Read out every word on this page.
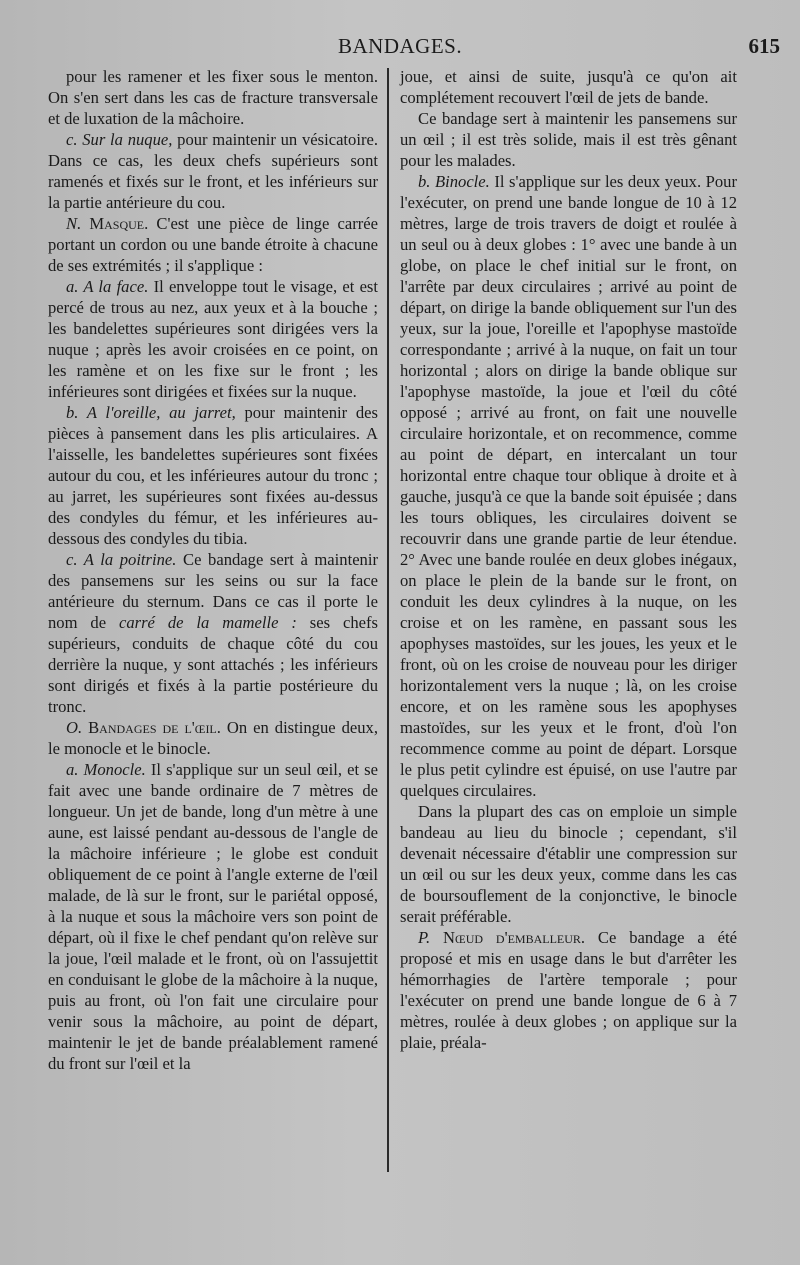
BANDAGES.	615

pour les ramener et les fixer sous le menton. On s'en sert dans les cas de fracture transversale et de luxation de la mâchoire.

c. Sur la nuque, pour maintenir un vésicatoire. Dans ce cas, les deux chefs supérieurs sont ramenés et fixés sur le front, et les inférieurs sur la partie antérieure du cou.

N. Masque. C'est une pièce de linge carrée portant un cordon ou une bande étroite à chacune de ses extrémités ; il s'applique :

a. A la face. Il enveloppe tout le visage, et est percé de trous au nez, aux yeux et à la bouche ; les bandelettes supérieures sont dirigées vers la nuque ; après les avoir croisées en ce point, on les ramène et on les fixe sur le front ; les inférieures sont dirigées et fixées sur la nuque.

b. A l'oreille, au jarret, pour maintenir des pièces à pansement dans les plis articulaires. A l'aisselle, les bandelettes supérieures sont fixées autour du cou, et les inférieures autour du tronc ; au jarret, les supérieures sont fixées au-dessus des condyles du fémur, et les inférieures au-dessous des condyles du tibia.

c. A la poitrine. Ce bandage sert à maintenir des pansemens sur les seins ou sur la face antérieure du sternum. Dans ce cas il porte le nom de carré de la mamelle : ses chefs supérieurs, conduits de chaque côté du cou derrière la nuque, y sont attachés ; les inférieurs sont dirigés et fixés à la partie postérieure du tronc.

O. Bandages de l'œil. On en distingue deux, le monocle et le binocle.

a. Monocle. Il s'applique sur un seul œil, et se fait avec une bande ordinaire de 7 mètres de longueur. Un jet de bande, long d'un mètre à une aune, est laissé pendant au-dessous de l'angle de la mâchoire inférieure ; le globe est conduit obliquement de ce point à l'angle externe de l'œil malade, de là sur le front, sur le pariétal opposé, à la nuque et sous la mâchoire vers son point de départ, où il fixe le chef pendant qu'on relève sur la joue, l'œil malade et le front, où on l'assujettit en conduisant le globe de la mâchoire à la nuque, puis au front, où l'on fait une circulaire pour venir sous la mâchoire, au point de départ, maintenir le jet de bande préalablement ramené du front sur l'œil et la

joue, et ainsi de suite, jusqu'à ce qu'on ait complétement recouvert l'œil de jets de bande.

Ce bandage sert à maintenir les pansemens sur un œil ; il est très solide, mais il est très gênant pour les malades.

b. Binocle. Il s'applique sur les deux yeux. Pour l'exécuter, on prend une bande longue de 10 à 12 mètres, large de trois travers de doigt et roulée à un seul ou à deux globes : 1° avec une bande à un globe, on place le chef initial sur le front, on l'arrête par deux circulaires ; arrivé au point de départ, on dirige la bande obliquement sur l'un des yeux, sur la joue, l'oreille et l'apophyse mastoïde correspondante ; arrivé à la nuque, on fait un tour horizontal ; alors on dirige la bande oblique sur l'apophyse mastoïde, la joue et l'œil du côté opposé ; arrivé au front, on fait une nouvelle circulaire horizontale, et on recommence, comme au point de départ, en intercalant un tour horizontal entre chaque tour oblique à droite et à gauche, jusqu'à ce que la bande soit épuisée ; dans les tours obliques, les circulaires doivent se recouvrir dans une grande partie de leur étendue. 2° Avec une bande roulée en deux globes inégaux, on place le plein de la bande sur le front, on conduit les deux cylindres à la nuque, on les croise et on les ramène, en passant sous les apophyses mastoïdes, sur les joues, les yeux et le front, où on les croise de nouveau pour les diriger horizontalement vers la nuque ; là, on les croise encore, et on les ramène sous les apophyses mastoïdes, sur les yeux et le front, d'où l'on recommence comme au point de départ. Lorsque le plus petit cylindre est épuisé, on use l'autre par quelques circulaires.

Dans la plupart des cas on emploie un simple bandeau au lieu du binocle ; cependant, s'il devenait nécessaire d'établir une compression sur un œil ou sur les deux yeux, comme dans les cas de boursouflement de la conjonctive, le binocle serait préférable.

P. Nœud d'emballeur. Ce bandage a été proposé et mis en usage dans le but d'arrêter les hémorrhagies de l'artère temporale ; pour l'exécuter on prend une bande longue de 6 à 7 mètres, roulée à deux globes ; on applique sur la plaie, préala-
